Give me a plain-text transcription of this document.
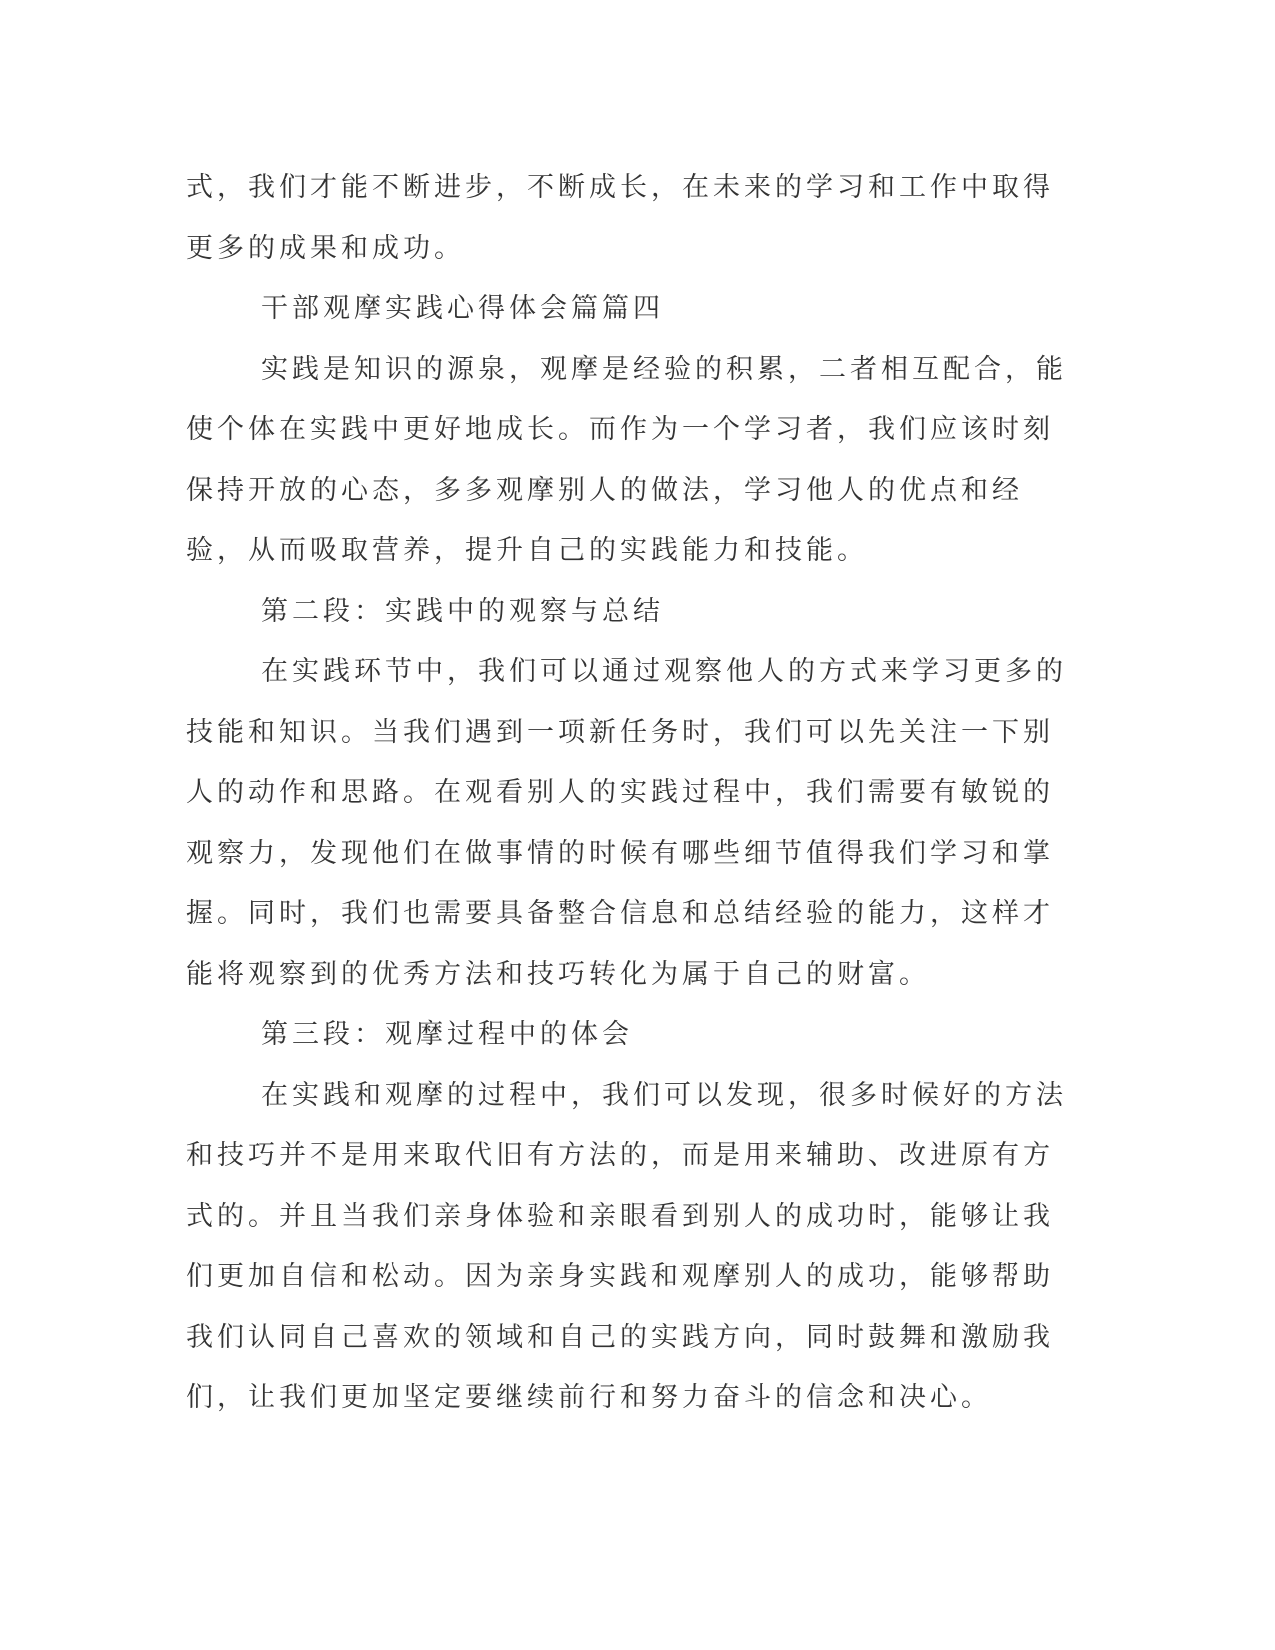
式，我们才能不断进步，不断成长，在未来的学习和工作中取得更多的成果和成功。

干部观摩实践心得体会篇篇四

实践是知识的源泉，观摩是经验的积累，二者相互配合，能使个体在实践中更好地成长。而作为一个学习者，我们应该时刻保持开放的心态，多多观摩别人的做法，学习他人的优点和经验，从而吸取营养，提升自己的实践能力和技能。

第二段：实践中的观察与总结

在实践环节中，我们可以通过观察他人的方式来学习更多的技能和知识。当我们遇到一项新任务时，我们可以先关注一下别人的动作和思路。在观看别人的实践过程中，我们需要有敏锐的观察力，发现他们在做事情的时候有哪些细节值得我们学习和掌握。同时，我们也需要具备整合信息和总结经验的能力，这样才能将观察到的优秀方法和技巧转化为属于自己的财富。

第三段：观摩过程中的体会

在实践和观摩的过程中，我们可以发现，很多时候好的方法和技巧并不是用来取代旧有方法的，而是用来辅助、改进原有方式的。并且当我们亲身体验和亲眼看到别人的成功时，能够让我们更加自信和松动。因为亲身实践和观摩别人的成功，能够帮助我们认同自己喜欢的领域和自己的实践方向，同时鼓舞和激励我们，让我们更加坚定要继续前行和努力奋斗的信念和决心。
